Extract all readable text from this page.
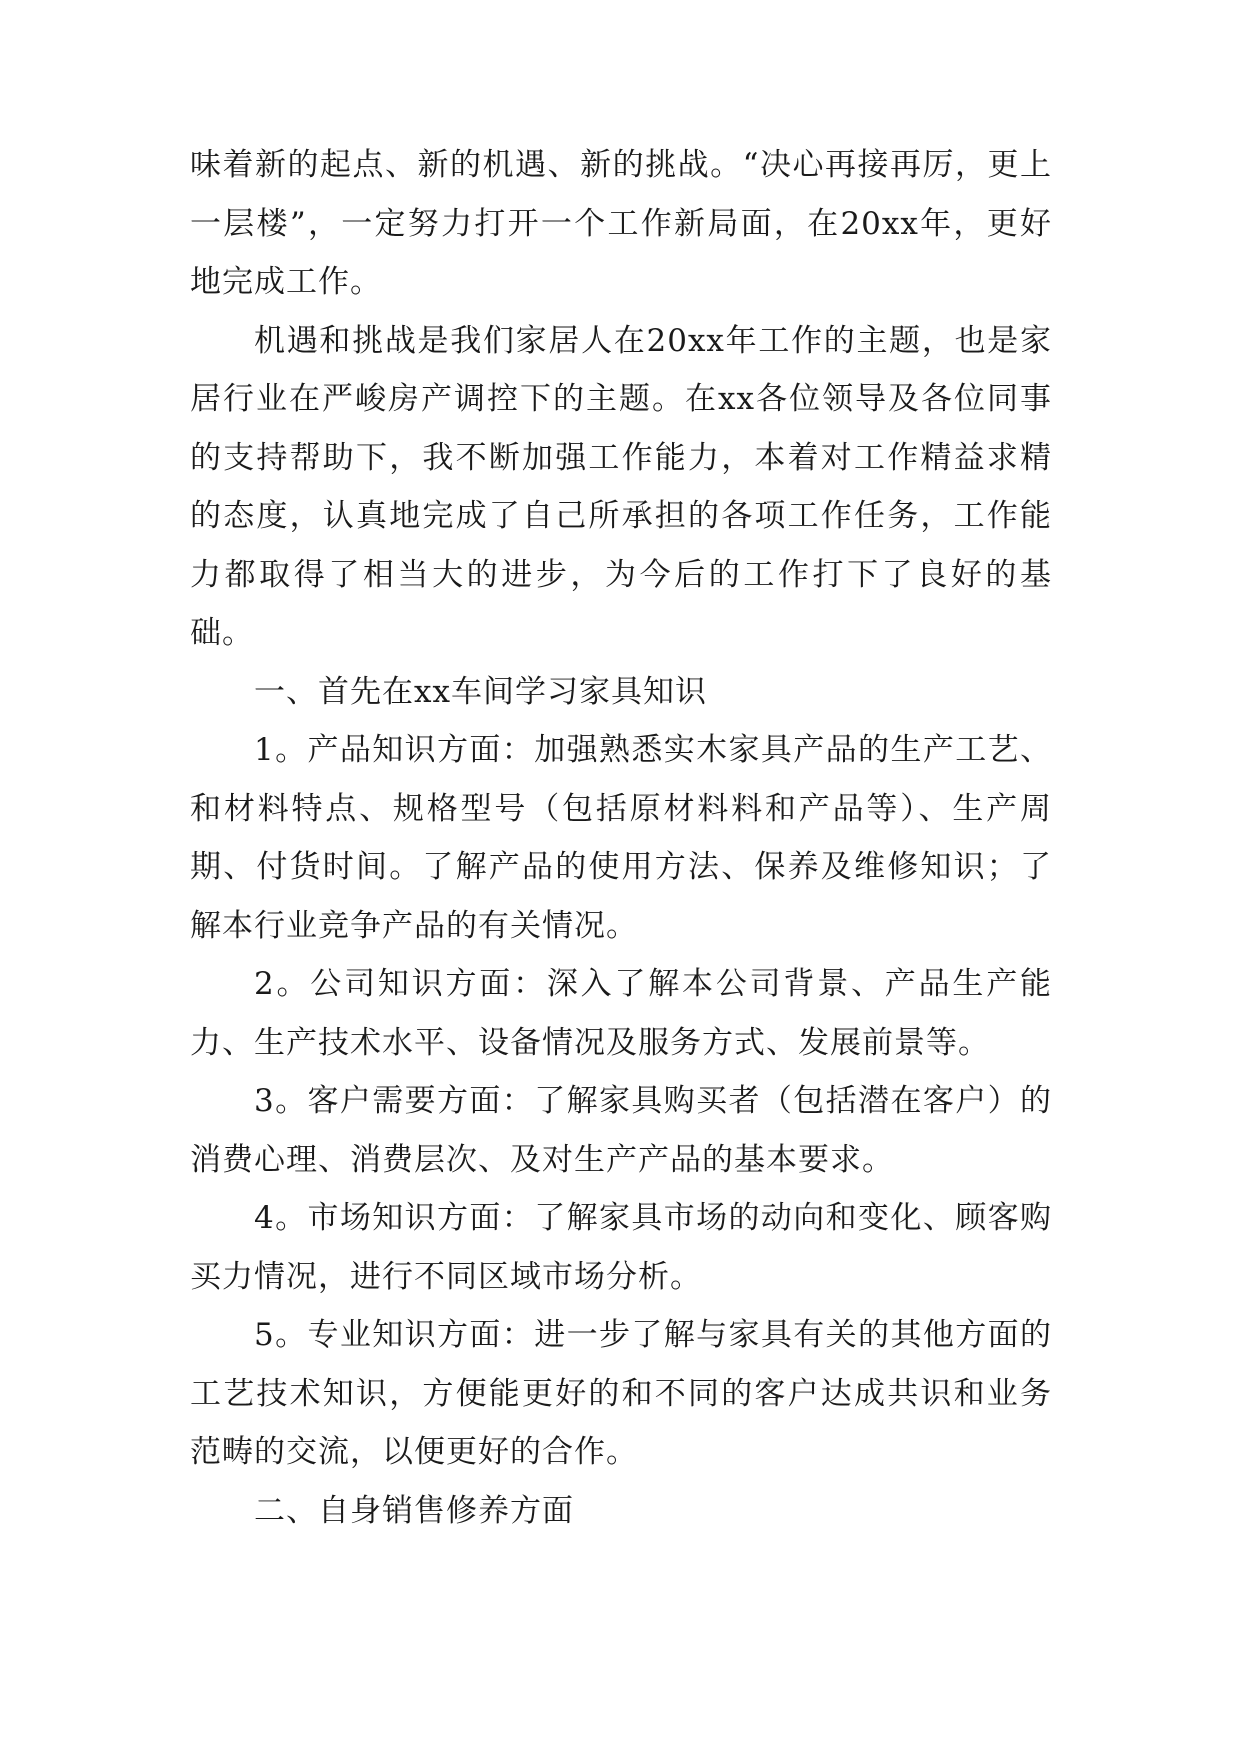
味着新的起点、新的机遇、新的挑战。“决心再接再厉，更上一层楼”，一定努力打开一个工作新局面，在20xx年，更好地完成工作。

机遇和挑战是我们家居人在20xx年工作的主题，也是家居行业在严峻房产调控下的主题。在xx各位领导及各位同事的支持帮助下，我不断加强工作能力，本着对工作精益求精的态度，认真地完成了自己所承担的各项工作任务，工作能力都取得了相当大的进步，为今后的工作打下了良好的基础。

一、首先在xx车间学习家具知识

1。产品知识方面：加强熟悉实木家具产品的生产工艺、和材料特点、规格型号（包括原材料料和产品等）、生产周期、付货时间。了解产品的使用方法、保养及维修知识；了解本行业竞争产品的有关情况。

2。公司知识方面：深入了解本公司背景、产品生产能力、生产技术水平、设备情况及服务方式、发展前景等。

3。客户需要方面：了解家具购买者（包括潜在客户）的消费心理、消费层次、及对生产产品的基本要求。

4。市场知识方面：了解家具市场的动向和变化、顾客购买力情况，进行不同区域市场分析。

5。专业知识方面：进一步了解与家具有关的其他方面的工艺技术知识，方便能更好的和不同的客户达成共识和业务范畴的交流，以便更好的合作。

二、自身销售修养方面
